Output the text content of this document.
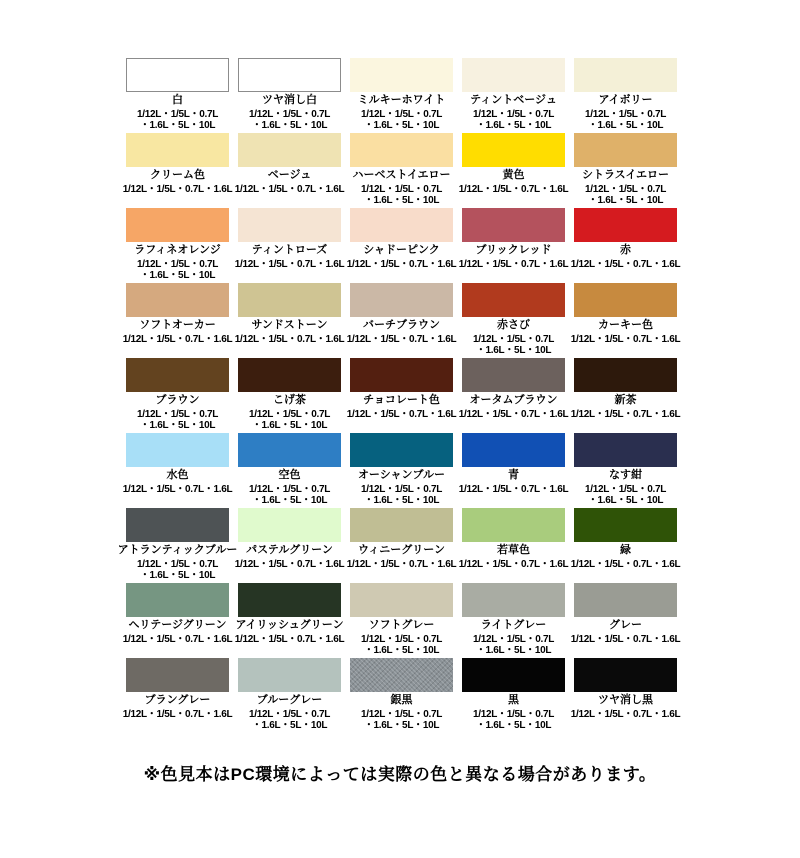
白
1/12L・1/5L・0.7L
・1.6L・5L・10L
ツヤ消し白
1/12L・1/5L・0.7L
・1.6L・5L・10L
ミルキーホワイト
1/12L・1/5L・0.7L
・1.6L・5L・10L
ティントベージュ
1/12L・1/5L・0.7L
・1.6L・5L・10L
アイボリー
1/12L・1/5L・0.7L
・1.6L・5L・10L
クリーム色
1/12L・1/5L・0.7L・1.6L
ベージュ
1/12L・1/5L・0.7L・1.6L
ハーベストイエロー
1/12L・1/5L・0.7L
・1.6L・5L・10L
黄色
1/12L・1/5L・0.7L・1.6L
シトラスイエロー
1/12L・1/5L・0.7L
・1.6L・5L・10L
ラフィネオレンジ
1/12L・1/5L・0.7L
・1.6L・5L・10L
ティントローズ
1/12L・1/5L・0.7L・1.6L
シャドーピンク
1/12L・1/5L・0.7L・1.6L
ブリックレッド
1/12L・1/5L・0.7L・1.6L
赤
1/12L・1/5L・0.7L・1.6L
ソフトオーカー
1/12L・1/5L・0.7L・1.6L
サンドストーン
1/12L・1/5L・0.7L・1.6L
バーチブラウン
1/12L・1/5L・0.7L・1.6L
赤さび
1/12L・1/5L・0.7L
・1.6L・5L・10L
カーキー色
1/12L・1/5L・0.7L・1.6L
ブラウン
1/12L・1/5L・0.7L
・1.6L・5L・10L
こげ茶
1/12L・1/5L・0.7L
・1.6L・5L・10L
チョコレート色
1/12L・1/5L・0.7L・1.6L
オータムブラウン
1/12L・1/5L・0.7L・1.6L
新茶
1/12L・1/5L・0.7L・1.6L
水色
1/12L・1/5L・0.7L・1.6L
空色
1/12L・1/5L・0.7L
・1.6L・5L・10L
オーシャンブルー
1/12L・1/5L・0.7L
・1.6L・5L・10L
青
1/12L・1/5L・0.7L・1.6L
なす紺
1/12L・1/5L・0.7L
・1.6L・5L・10L
アトランティックブルー
1/12L・1/5L・0.7L
・1.6L・5L・10L
パステルグリーン
1/12L・1/5L・0.7L・1.6L
ウィニーグリーン
1/12L・1/5L・0.7L・1.6L
若草色
1/12L・1/5L・0.7L・1.6L
緑
1/12L・1/5L・0.7L・1.6L
ヘリテージグリーン
1/12L・1/5L・0.7L・1.6L
アイリッシュグリーン
1/12L・1/5L・0.7L・1.6L
ソフトグレー
1/12L・1/5L・0.7L
・1.6L・5L・10L
ライトグレー
1/12L・1/5L・0.7L
・1.6L・5L・10L
グレー
1/12L・1/5L・0.7L・1.6L
ブラングレー
1/12L・1/5L・0.7L・1.6L
ブルーグレー
1/12L・1/5L・0.7L
・1.6L・5L・10L
銀黒
1/12L・1/5L・0.7L
・1.6L・5L・10L
黒
1/12L・1/5L・0.7L
・1.6L・5L・10L
ツヤ消し黒
1/12L・1/5L・0.7L・1.6L
※色見本はPC環境によっては実際の色と異なる場合があります。
